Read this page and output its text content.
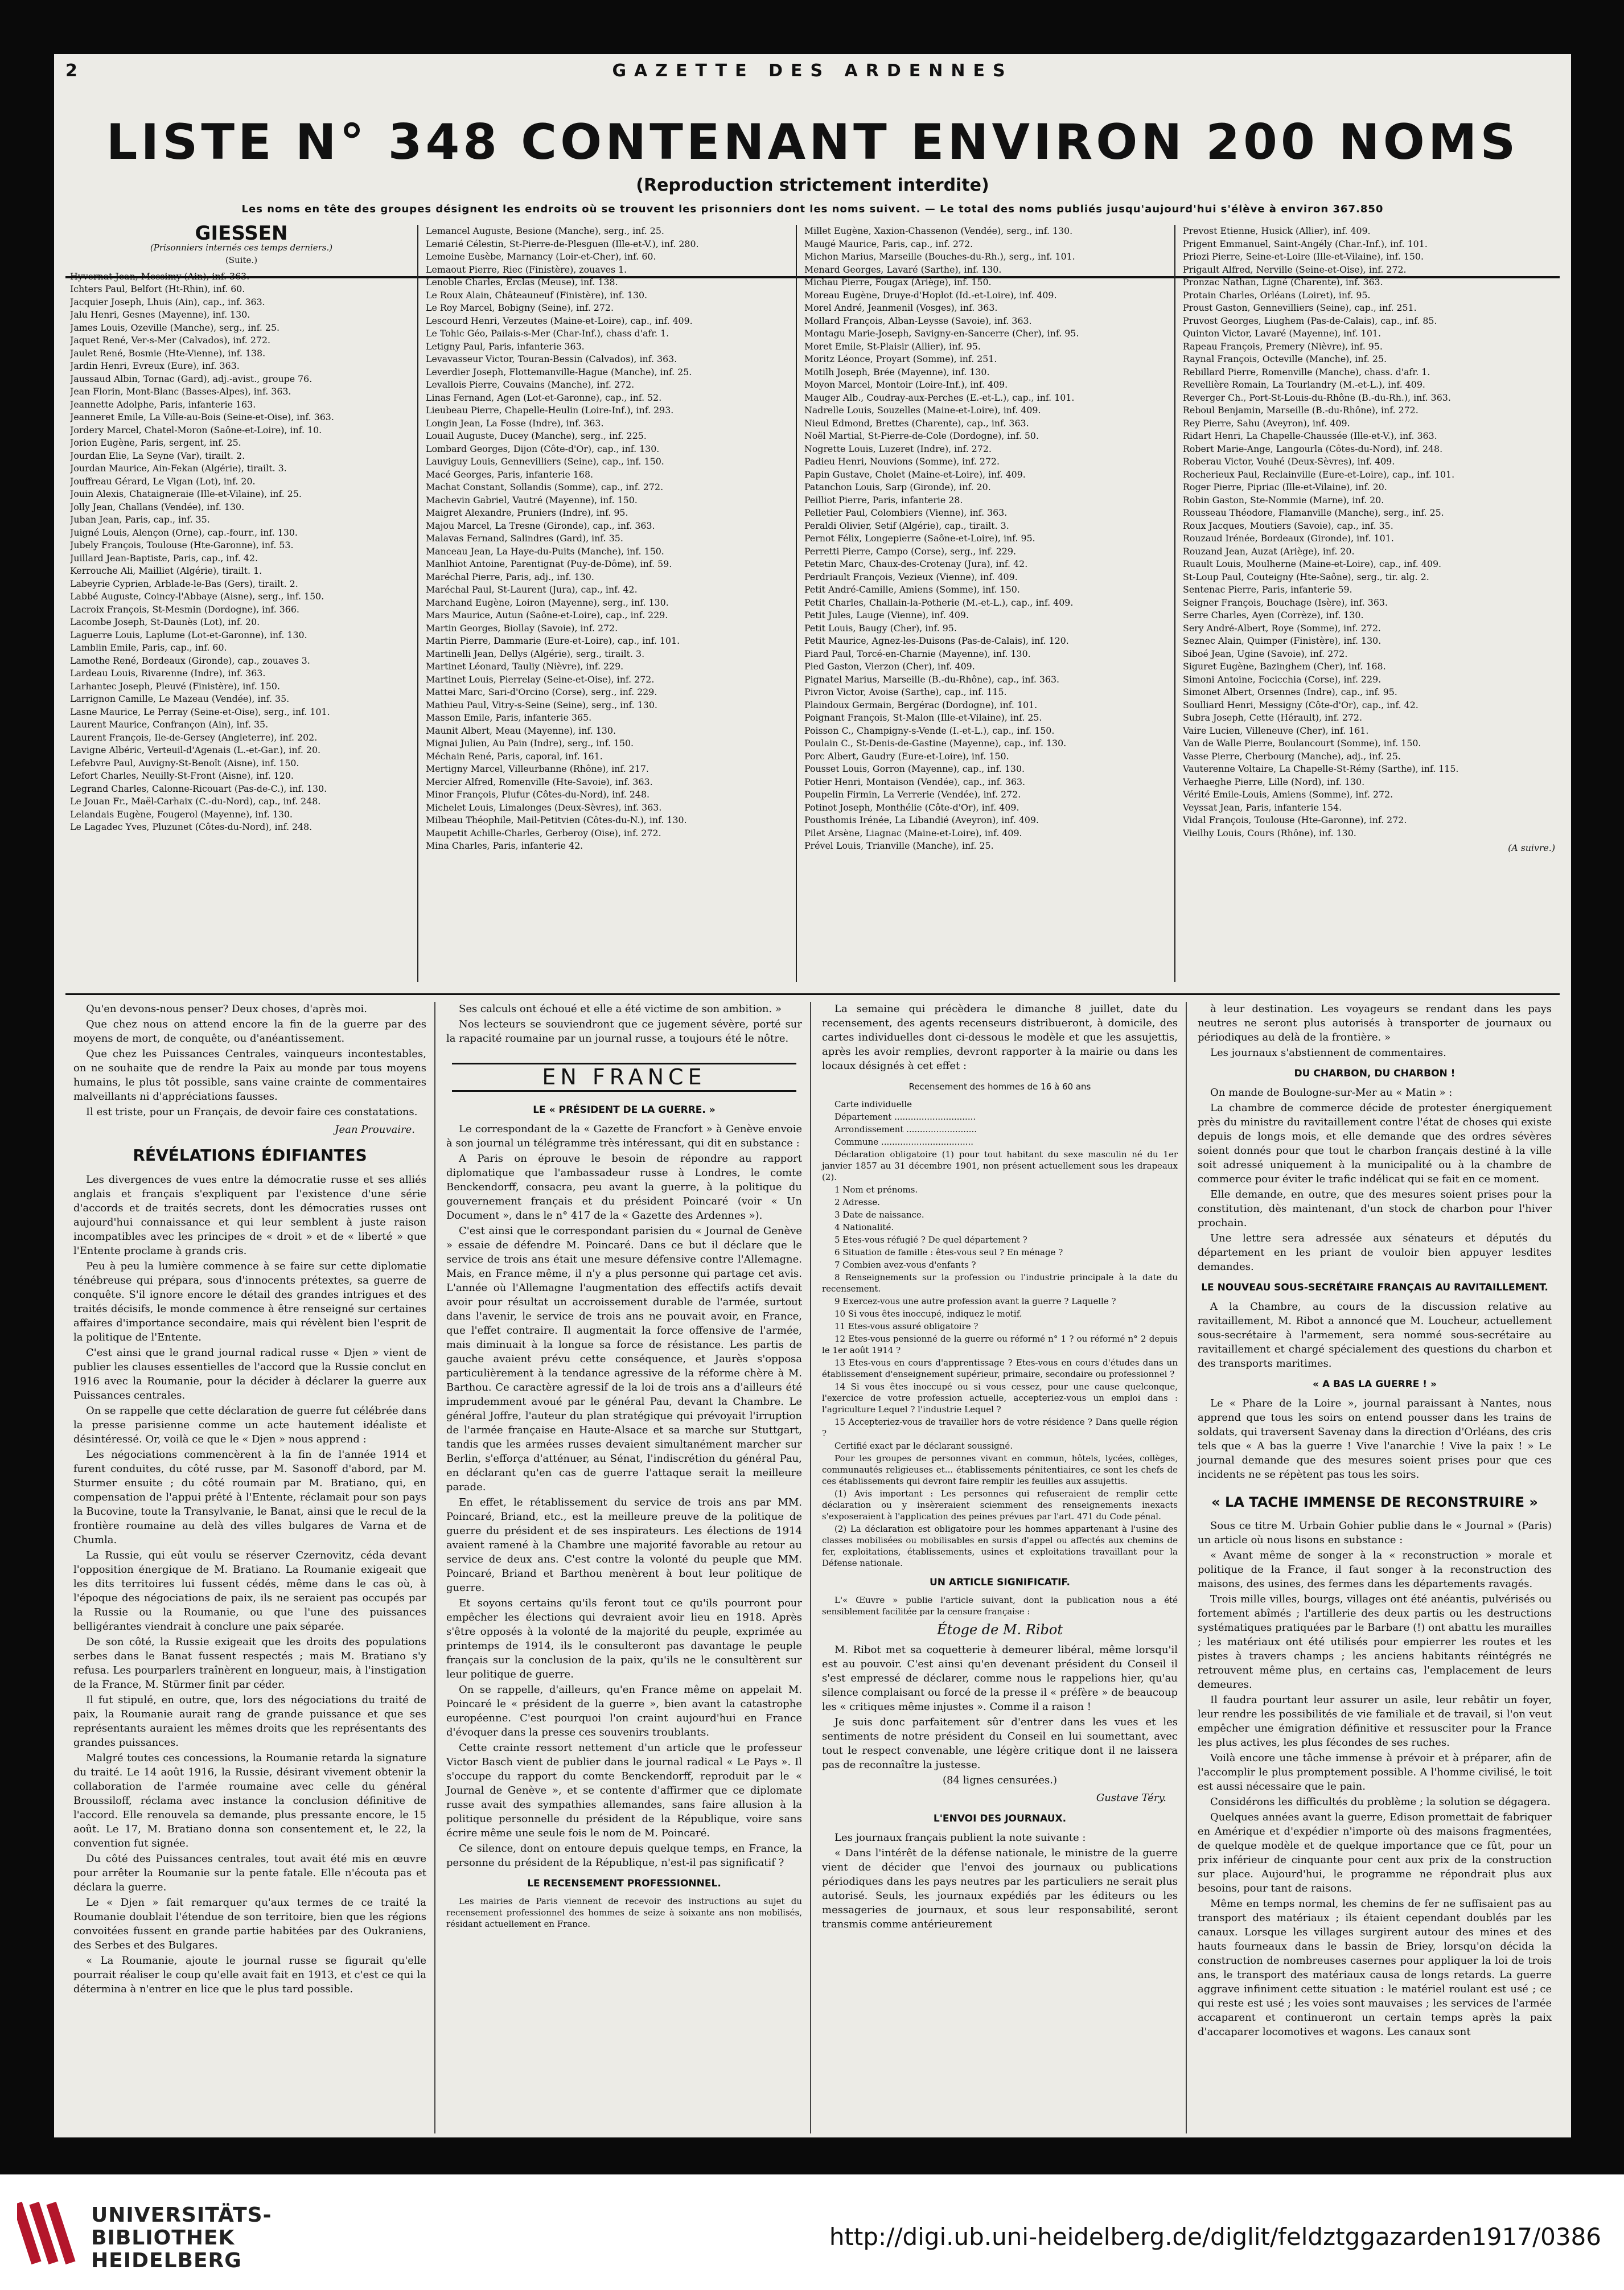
2	GAZETTE DES ARDENNES
LISTE N° 348 CONTENANT ENVIRON 200 NOMS
(Reproduction strictement interdite)
Les noms en tête des groupes désignent les endroits où se trouvent les prisonniers dont les noms suivent. — Le total des noms publiés jusqu'aujourd'hui s'élève à environ 367.850
GIESSEN
(Prisonniers internés ces temps derniers.)
(Suite.)
Hyvernat Jean, Messimy (Ain), inf. 363.
Ichters Paul, Belfort (Ht-Rhin), inf. 60.
Jacquier Joseph, Lhuis (Ain), cap., inf. 363.
Jalu Henri, Gesnes (Mayenne), inf. 130.
James Louis, Ozeville (Manche), serg., inf. 25.
Jaquet René, Ver-s-Mer (Calvados), inf. 272.
Jaulet René, Bosmie (Hte-Vienne), inf. 138.
Jardin Henri, Evreux (Eure), inf. 363.
Jaussaud Albin, Tornac (Gard), adj.-avist., groupe 76.
Jean Florin, Mont-Blanc (Basses-Alpes), inf. 363.
Jeannette Adolphe, Paris, infanterie 163.
Jeanneret Emile, La Ville-au-Bois (Seine-et-Oise), inf. 363.
Jordery Marcel, Chatel-Moron (Saône-et-Loire), inf. 10.
Jorion Eugène, Paris, sergent, inf. 25.
Jourdan Elie, La Seyne (Var), tirailt. 2.
Jourdan Maurice, Ain-Fekan (Algérie), tirailt. 3.
Jouffreau Gérard, Le Vigan (Lot), inf. 20.
Jouin Alexis, Chataigneraie (Ille-et-Vilaine), inf. 25.
Jolly Jean, Challans (Vendée), inf. 130.
Juban Jean, Paris, cap., inf. 35.
Juigné Louis, Alençon (Orne), cap.-fourr., inf. 130.
Jubely François, Toulouse (Hte-Garonne), inf. 53.
Juillard Jean-Baptiste, Paris, cap., inf. 42.
Kerrouche Ali, Mailliet (Algérie), tirailt. 1.
Labeyrie Cyprien, Arblade-le-Bas (Gers), tirailt. 2.
Labbé Auguste, Coincy-l'Abbaye (Aisne), serg., inf. 150.
Lacroix François, St-Mesmin (Dordogne), inf. 366.
Lacombe Joseph, St-Daunès (Lot), inf. 20.
Laguerre Louis, Laplume (Lot-et-Garonne), inf. 130.
Lamblin Emile, Paris, cap., inf. 60.
Lamothe René, Bordeaux (Gironde), cap., zouaves 3.
Lardeau Louis, Rivarenne (Indre), inf. 363.
Larhantec Joseph, Pleuvé (Finistère), inf. 150.
Larrignon Camille, Le Mazeau (Vendée), inf. 35.
Lasne Maurice, Le Perray (Seine-et-Oise), serg., inf. 101.
Laurent Maurice, Confrançon (Ain), inf. 35.
Laurent François, Ile-de-Gersey (Angleterre), inf. 202.
Lavigne Albéric, Verteuil-d'Agenais (L.-et-Gar.), inf. 20.
Lefebvre Paul, Auvigny-St-Benoît (Aisne), inf. 150.
Lefort Charles, Neuilly-St-Front (Aisne), inf. 120.
Legrand Charles, Calonne-Ricouart (Pas-de-C.), inf. 130.
Le Jouan Fr., Maël-Carhaix (C.-du-Nord), cap., inf. 248.
Lelandais Eugène, Fougerol (Mayenne), inf. 130.
Le Lagadec Yves, Pluzunet (Côtes-du-Nord), inf. 248.
Lemancel Auguste, Besione (Manche), serg., inf. 25.
Lemarié Célestin, St-Pierre-de-Plesguen (Ille-et-V.), inf. 280.
Lemoine Eusèbe, Marnancy (Loir-et-Cher), inf. 60.
Lemaout Pierre, Riec (Finistère), zouaves 1.
Lenoble Charles, Erclas (Meuse), inf. 138.
Le Roux Alain, Châteauneuf (Finistère), inf. 130.
Le Roy Marcel, Bobigny (Seine), inf. 272.
Lescourd Henri, Verzeutes (Maine-et-Loire), cap., inf. 409.
Le Tohic Géo, Pailais-s-Mer (Char-Inf.), chass d'afr. 1.
Letigny Paul, Paris, infanterie 363.
Levavasseur Victor, Touran-Bessin (Calvados), inf. 363.
Leverdier Joseph, Flottemanville-Hague (Manche), inf. 25.
Levallois Pierre, Couvains (Manche), inf. 272.
Linas Fernand, Agen (Lot-et-Garonne), cap., inf. 52.
Lieubeau Pierre, Chapelle-Heulin (Loire-Inf.), inf. 293.
Longin Jean, La Fosse (Indre), inf. 363.
Louail Auguste, Ducey (Manche), serg., inf. 225.
Lombard Georges, Dijon (Côte-d'Or), cap., inf. 130.
Lauviguy Louis, Gennevilliers (Seine), cap., inf. 150.
Macé Georges, Paris, infanterie 168.
Machat Constant, Sollandis (Somme), cap., inf. 272.
Machevin Gabriel, Vautré (Mayenne), inf. 150.
Maigret Alexandre, Pruniers (Indre), inf. 95.
Majou Marcel, La Tresne (Gironde), cap., inf. 363.
Malavas Fernand, Salindres (Gard), inf. 35.
Manceau Jean, La Haye-du-Puits (Manche), inf. 150.
Manlhiot Antoine, Parentignat (Puy-de-Dôme), inf. 59.
Maréchal Pierre, Paris, adj., inf. 130.
Maréchal Paul, St-Laurent (Jura), cap., inf. 42.
Marchand Eugène, Loiron (Mayenne), serg., inf. 130.
Mars Maurice, Autun (Saône-et-Loire), cap., inf. 229.
Martin Georges, Biollay (Savoie), inf. 272.
Martin Pierre, Dammarie (Eure-et-Loire), cap., inf. 101.
Martinelli Jean, Dellys (Algérie), serg., tirailt. 3.
Martinet Léonard, Tauliy (Nièvre), inf. 229.
Martinet Louis, Pierrelay (Seine-et-Oise), inf. 272.
Mattei Marc, Sari-d'Orcino (Corse), serg., inf. 229.
Mathieu Paul, Vitry-s-Seine (Seine), serg., inf. 130.
Masson Emile, Paris, infanterie 365.
Maunit Albert, Meau (Mayenne), inf. 130.
Mignai Julien, Au Pain (Indre), serg., inf. 150.
Méchain René, Paris, caporal, inf. 161.
Mertigny Marcel, Villeurbanne (Rhône), inf. 217.
Mercier Alfred, Romenville (Hte-Savoie), inf. 363.
Minor François, Plufur (Côtes-du-Nord), inf. 248.
Michelet Louis, Limalonges (Deux-Sèvres), inf. 363.
Milbeau Théophile, Mail-Petitvien (Côtes-du-N.), inf. 130.
Maupetit Achille-Charles, Gerberoy (Oise), inf. 272.
Mina Charles, Paris, infanterie 42.
Millet Eugène, Xaxion-Chassenon (Vendée), serg., inf. 130.
Maugé Maurice, Paris, cap., inf. 272.
Michon Marius, Marseille (Bouches-du-Rh.), serg., inf. 101.
Menard Georges, Lavaré (Sarthe), inf. 130.
Michau Pierre, Fougax (Ariège), inf. 150.
Moreau Eugène, Druye-d'Hoplot (Id.-et-Loire), inf. 409.
Morel André, Jeanmenil (Vosges), inf. 363.
Mollard François, Alban-Leysse (Savoie), inf. 363.
Montagu Marie-Joseph, Savigny-en-Sancerre (Cher), inf. 95.
Moret Emile, St-Plaisir (Allier), inf. 95.
Moritz Léonce, Proyart (Somme), inf. 251.
Motilh Joseph, Brée (Mayenne), inf. 130.
Moyon Marcel, Montoir (Loire-Inf.), inf. 409.
Mauger Alb., Coudray-aux-Perches (E.-et-L.), cap., inf. 101.
Nadrelle Louis, Souzelles (Maine-et-Loire), inf. 409.
Nieul Edmond, Brettes (Charente), cap., inf. 363.
Noël Martial, St-Pierre-de-Cole (Dordogne), inf. 50.
Nogrette Louis, Luzeret (Indre), inf. 272.
Padieu Henri, Nouvions (Somme), inf. 272.
Papin Gustave, Cholet (Maine-et-Loire), inf. 409.
Patanchon Louis, Sarp (Gironde), inf. 20.
Peilliot Pierre, Paris, infanterie 28.
Pelletier Paul, Colombiers (Vienne), inf. 363.
Peraldi Olivier, Setif (Algérie), cap., tirailt. 3.
Pernot Félix, Longepierre (Saône-et-Loire), inf. 95.
Perretti Pierre, Campo (Corse), serg., inf. 229.
Petetin Marc, Chaux-des-Crotenay (Jura), inf. 42.
Perdriault François, Vezieux (Vienne), inf. 409.
Petit André-Camille, Amiens (Somme), inf. 150.
Petit Charles, Challain-la-Potherie (M.-et-L.), cap., inf. 409.
Petit Jules, Lauge (Vienne), inf. 409.
Petit Louis, Baugy (Cher), inf. 95.
Petit Maurice, Agnez-les-Duisons (Pas-de-Calais), inf. 120.
Piard Paul, Torcé-en-Charnie (Mayenne), inf. 130.
Pied Gaston, Vierzon (Cher), inf. 409.
Pignatel Marius, Marseille (B.-du-Rhône), cap., inf. 363.
Pivron Victor, Avoise (Sarthe), cap., inf. 115.
Plaindoux Germain, Bergérac (Dordogne), inf. 101.
Poignant François, St-Malon (Ille-et-Vilaine), inf. 25.
Poisson C., Champigny-s-Vende (I.-et-L.), cap., inf. 150.
Poulain C., St-Denis-de-Gastine (Mayenne), cap., inf. 130.
Porc Albert, Gaudry (Eure-et-Loire), inf. 150.
Pousset Louis, Gorron (Mayenne), cap., inf. 130.
Potier Henri, Montaison (Vendée), cap., inf. 363.
Poupelin Firmin, La Verrerie (Vendée), inf. 272.
Potinot Joseph, Monthélie (Côte-d'Or), inf. 409.
Pousthomis Irénée, La Libandié (Aveyron), inf. 409.
Pilet Arsène, Liagnac (Maine-et-Loire), inf. 409.
Prével Louis, Trianville (Manche), inf. 25.
Prevost Etienne, Husick (Allier), inf. 409.
Prigent Emmanuel, Saint-Angély (Char.-Inf.), inf. 101.
Priozi Pierre, Seine-et-Loire (Ille-et-Vilaine), inf. 150.
Prigault Alfred, Nerville (Seine-et-Oise), inf. 272.
Pronzac Nathan, Ligné (Charente), inf. 363.
Protain Charles, Orléans (Loiret), inf. 95.
Proust Gaston, Gennevilliers (Seine), cap., inf. 251.
Pruvost Georges, Liughem (Pas-de-Calais), cap., inf. 85.
Quinton Victor, Lavaré (Mayenne), inf. 101.
Rapeau François, Premery (Nièvre), inf. 95.
Raynal François, Octeville (Manche), inf. 25.
Rebillard Pierre, Romenville (Manche), chass. d'afr. 1.
Revellière Romain, La Tourlandry (M.-et-L.), inf. 409.
Reverger Ch., Port-St-Louis-du-Rhône (B.-du-Rh.), inf. 363.
Reboul Benjamin, Marseille (B.-du-Rhône), inf. 272.
Rey Pierre, Sahu (Aveyron), inf. 409.
Ridart Henri, La Chapelle-Chaussée (Ille-et-V.), inf. 363.
Robert Marie-Ange, Langourla (Côtes-du-Nord), inf. 248.
Roberau Victor, Vouhé (Deux-Sèvres), inf. 409.
Rocherieux Paul, Reclainville (Eure-et-Loire), cap., inf. 101.
Roger Pierre, Pipriac (Ille-et-Vilaine), inf. 20.
Robin Gaston, Ste-Nommie (Marne), inf. 20.
Rousseau Théodore, Flamanville (Manche), serg., inf. 25.
Roux Jacques, Moutiers (Savoie), cap., inf. 35.
Rouzaud Irénée, Bordeaux (Gironde), inf. 101.
Rouzand Jean, Auzat (Ariège), inf. 20.
Ruault Louis, Moulherne (Maine-et-Loire), cap., inf. 409.
St-Loup Paul, Couteigny (Hte-Saône), serg., tir. alg. 2.
Sentenac Pierre, Paris, infanterie 59.
Seigner François, Bouchage (Isère), inf. 363.
Serre Charles, Ayen (Corrèze), inf. 130.
Sery André-Albert, Roye (Somme), inf. 272.
Seznec Alain, Quimper (Finistère), inf. 130.
Siboé Jean, Ugine (Savoie), inf. 272.
Siguret Eugène, Bazinghem (Cher), inf. 168.
Simoni Antoine, Focicchia (Corse), inf. 229.
Simonet Albert, Orsennes (Indre), cap., inf. 95.
Soulliard Henri, Messigny (Côte-d'Or), cap., inf. 42.
Subra Joseph, Cette (Hérault), inf. 272.
Vaire Lucien, Villeneuve (Cher), inf. 161.
Van de Walle Pierre, Boulancourt (Somme), inf. 150.
Vasse Pierre, Cherbourg (Manche), adj., inf. 25.
Vauterenne Voltaire, La Chapelle-St-Rémy (Sarthe), inf. 115.
Verhaeghe Pierre, Lille (Nord), inf. 130.
Vérité Emile-Louis, Amiens (Somme), inf. 272.
Veyssat Jean, Paris, infanterie 154.
Vidal François, Toulouse (Hte-Garonne), inf. 272.
Vieilhy Louis, Cours (Rhône), inf. 130.
(A suivre.)

Qu'en devons-nous penser? Deux choses, d'après moi.

Que chez nous on attend encore la fin de la guerre par des moyens de mort, de conquête, ou d'anéantissement.

Que chez les Puissances Centrales, vainqueurs incontestables, on ne souhaite que de rendre la Paix au monde par tous moyens humains, le plus tôt possible, sans vaine crainte de commentaires malveillants ni d'appréciations fausses.

Il est triste, pour un Français, de devoir faire ces constatations.

Jean Prouvaire.
RÉVÉLATIONS ÉDIFIANTES

Les divergences de vues entre la démocratie russe et ses alliés anglais et français s'expliquent par l'existence d'une série d'accords et de traités secrets, dont les démocraties russes ont aujourd'hui connaissance et qui leur semblent à juste raison incompatibles avec les principes de « droit » et de « liberté » que l'Entente proclame à grands cris.

Peu à peu la lumière commence à se faire sur cette diplomatie ténébreuse qui prépara, sous d'innocents prétextes, sa guerre de conquête. S'il ignore encore le détail des grandes intrigues et des traités décisifs, le monde commence à être renseigné sur certaines affaires d'importance secondaire, mais qui révèlent bien l'esprit de la politique de l'Entente.

C'est ainsi que le grand journal radical russe « Djen » vient de publier les clauses essentielles de l'accord que la Russie conclut en 1916 avec la Roumanie, pour la décider à déclarer la guerre aux Puissances centrales.

On se rappelle que cette déclaration de guerre fut célébrée dans la presse parisienne comme un acte hautement idéaliste et désintéressé. Or, voilà ce que le « Djen » nous apprend :

Les négociations commencèrent à la fin de l'année 1914 et furent conduites, du côté russe, par M. Sasonoff d'abord, par M. Sturmer ensuite ; du côté roumain par M. Bratiano, qui, en compensation de l'appui prêté à l'Entente, réclamait pour son pays la Bucovine, toute la Transylvanie, le Banat, ainsi que le recul de la frontière roumaine au delà des villes bulgares de Varna et de Chumla.

La Russie, qui eût voulu se réserver Czernovitz, céda devant l'opposition énergique de M. Bratiano. La Roumanie exigeait que les dits territoires lui fussent cédés, même dans le cas où, à l'époque des négociations de paix, ils ne seraient pas occupés par la Russie ou la Roumanie, ou que l'une des puissances belligérantes viendrait à conclure une paix séparée.

De son côté, la Russie exigeait que les droits des populations serbes dans le Banat fussent respectés ; mais M. Bratiano s'y refusa. Les pourparlers traînèrent en longueur, mais, à l'instigation de la France, M. Stürmer finit par céder.

Il fut stipulé, en outre, que, lors des négociations du traité de paix, la Roumanie aurait rang de grande puissance et que ses représentants auraient les mêmes droits que les représentants des grandes puissances.

Malgré toutes ces concessions, la Roumanie retarda la signature du traité. Le 14 août 1916, la Russie, désirant vivement obtenir la collaboration de l'armée roumaine avec celle du général Broussiloff, réclama avec instance la conclusion définitive de l'accord. Elle renouvela sa demande, plus pressante encore, le 15 août. Le 17, M. Bratiano donna son consentement et, le 22, la convention fut signée.

Du côté des Puissances centrales, tout avait été mis en œuvre pour arrêter la Roumanie sur la pente fatale. Elle n'écouta pas et déclara la guerre.

Le « Djen » fait remarquer qu'aux termes de ce traité la Roumanie doublait l'étendue de son territoire, bien que les régions convoitées fussent en grande partie habitées par des Oukraniens, des Serbes et des Bulgares.

« La Roumanie, ajoute le journal russe se figurait qu'elle pourrait réaliser le coup qu'elle avait fait en 1913, et c'est ce qui la détermina à n'entrer en lice que le plus tard possible.

Ses calculs ont échoué et elle a été victime de son ambition. »

Nos lecteurs se souviendront que ce jugement sévère, porté sur la rapacité roumaine par un journal russe, a toujours été le nôtre.

EN FRANCE
LE « PRÉSIDENT DE LA GUERRE. »

Le correspondant de la « Gazette de Francfort » à Genève envoie à son journal un télégramme très intéressant, qui dit en substance :

A Paris on éprouve le besoin de répondre au rapport diplomatique que l'ambassadeur russe à Londres, le comte Benckendorff, consacra, peu avant la guerre, à la politique du gouvernement français et du président Poincaré (voir « Un Document », dans le n° 417 de la « Gazette des Ardennes »).

C'est ainsi que le correspondant parisien du « Journal de Genève » essaie de défendre M. Poincaré. Dans ce but il déclare que le service de trois ans était une mesure défensive contre l'Allemagne. Mais, en France même, il n'y a plus personne qui partage cet avis. L'année où l'Allemagne l'augmentation des effectifs actifs devait avoir pour résultat un accroissement durable de l'armée, surtout dans l'avenir, le service de trois ans ne pouvait avoir, en France, que l'effet contraire. Il augmentait la force offensive de l'armée, mais diminuait à la longue sa force de résistance. Les partis de gauche avaient prévu cette conséquence, et Jaurès s'opposa particulièrement à la tendance agressive de la réforme chère à M. Barthou. Ce caractère agressif de la loi de trois ans a d'ailleurs été imprudemment avoué par le général Pau, devant la Chambre. Le général Joffre, l'auteur du plan stratégique qui prévoyait l'irruption de l'armée française en Haute-Alsace et sa marche sur Stuttgart, tandis que les armées russes devaient simultanément marcher sur Berlin, s'efforça d'atténuer, au Sénat, l'indiscrétion du général Pau, en déclarant qu'en cas de guerre l'attaque serait la meilleure parade.

En effet, le rétablissement du service de trois ans par MM. Poincaré, Briand, etc., est la meilleure preuve de la politique de guerre du président et de ses inspirateurs. Les élections de 1914 avaient ramené à la Chambre une majorité favorable au retour au service de deux ans. C'est contre la volonté du peuple que MM. Poincaré, Briand et Barthou menèrent à bout leur politique de guerre.

Et soyons certains qu'ils feront tout ce qu'ils pourront pour empêcher les élections qui devraient avoir lieu en 1918. Après s'être opposés à la volonté de la majorité du peuple, exprimée au printemps de 1914, ils le consulteront pas davantage le peuple français sur la conclusion de la paix, qu'ils ne le consultèrent sur leur politique de guerre.

On se rappelle, d'ailleurs, qu'en France même on appelait M. Poincaré le « président de la guerre », bien avant la catastrophe européenne. C'est pourquoi l'on craint aujourd'hui en France d'évoquer dans la presse ces souvenirs troublants.

Cette crainte ressort nettement d'un article que le professeur Victor Basch vient de publier dans le journal radical « Le Pays ». Il s'occupe du rapport du comte Benckendorff, reproduit par le « Journal de Genève », et se contente d'affirmer que ce diplomate russe avait des sympathies allemandes, sans faire allusion à la politique personnelle du président de la République, voire sans écrire même une seule fois le nom de M. Poincaré.

Ce silence, dont on entoure depuis quelque temps, en France, la personne du président de la République, n'est-il pas significatif ?

LE RECENSEMENT PROFESSIONNEL.

Les mairies de Paris viennent de recevoir des instructions au sujet du recensement professionnel des hommes de seize à soixante ans non mobilisés, résidant actuellement en France.

La semaine qui précèdera le dimanche 8 juillet, date du recensement, des agents recenseurs distribueront, à domicile, des cartes individuelles dont ci-dessous le modèle et que les assujettis, après les avoir remplies, devront rapporter à la mairie ou dans les locaux désignés à cet effet :

Recensement des hommes de 16 à 60 ans

Carte individuelle

Département ..............................

Arrondissement ..........................

Commune ..................................

Déclaration obligatoire (1) pour tout habitant du sexe masculin né du 1er janvier 1857 au 31 décembre 1901, non présent actuellement sous les drapeaux (2).

1 Nom et prénoms.

2 Adresse.

3 Date de naissance.

4 Nationalité.

5 Etes-vous réfugié ? De quel département ?

6 Situation de famille : êtes-vous seul ? En ménage ?

7 Combien avez-vous d'enfants ?

8 Renseignements sur la profession ou l'industrie principale à la date du recensement.

9 Exercez-vous une autre profession avant la guerre ? Laquelle ?

10 Si vous êtes inoccupé, indiquez le motif.

11 Etes-vous assuré obligatoire ?

12 Etes-vous pensionné de la guerre ou réformé n° 1 ? ou réformé n° 2 depuis le 1er août 1914 ?

13 Etes-vous en cours d'apprentissage ? Etes-vous en cours d'études dans un établissement d'enseignement supérieur, primaire, secondaire ou professionnel ?

14 Si vous êtes inoccupé ou si vous cessez, pour une cause quelconque, l'exercice de votre profession actuelle, accepteriez-vous un emploi dans : l'agriculture Lequel ? l'industrie Lequel ?

15 Accepteriez-vous de travailler hors de votre résidence ? Dans quelle région ?

Certifié exact par le déclarant soussigné.

Pour les groupes de personnes vivant en commun, hôtels, lycées, collèges, communautés religieuses et... établissements pénitentiaires, ce sont les chefs de ces établissements qui devront faire remplir les feuilles aux assujettis.

(1) Avis important : Les personnes qui refuseraient de remplir cette déclaration ou y insèreraient sciemment des renseignements inexacts s'exposeraient à l'application des peines prévues par l'art. 471 du Code pénal.

(2) La déclaration est obligatoire pour les hommes appartenant à l'usine des classes mobilisées ou mobilisables en sursis d'appel ou affectés aux chemins de fer, exploitations, établissements, usines et exploitations travaillant pour la Défense nationale.

UN ARTICLE SIGNIFICATIF.

L'« Œuvre » publie l'article suivant, dont la publication nous a été sensiblement facilitée par la censure française :

Étoge de M. Ribot

M. Ribot met sa coquetterie à demeurer libéral, même lorsqu'il est au pouvoir. C'est ainsi qu'en devenant président du Conseil il s'est empressé de déclarer, comme nous le rappelions hier, qu'au silence complaisant ou forcé de la presse il « préfère » de beaucoup les « critiques même injustes ». Comme il a raison !

Je suis donc parfaitement sûr d'entrer dans les vues et les sentiments de notre président du Conseil en lui soumettant, avec tout le respect convenable, une légère critique dont il ne laissera pas de reconnaître la justesse.

(84 lignes censurées.)
Gustave Téry.
L'ENVOI DES JOURNAUX.

Les journaux français publient la note suivante :

« Dans l'intérêt de la défense nationale, le ministre de la guerre vient de décider que l'envoi des journaux ou publications périodiques dans les pays neutres par les particuliers ne serait plus autorisé. Seuls, les journaux expédiés par les éditeurs ou les messageries de journaux, et sous leur responsabilité, seront transmis comme antérieurement

à leur destination. Les voyageurs se rendant dans les pays neutres ne seront plus autorisés à transporter de journaux ou périodiques au delà de la frontière. »

Les journaux s'abstiennent de commentaires.

DU CHARBON, DU CHARBON !

On mande de Boulogne-sur-Mer au « Matin » :

La chambre de commerce décide de protester énergiquement près du ministre du ravitaillement contre l'état de choses qui existe depuis de longs mois, et elle demande que des ordres sévères soient donnés pour que tout le charbon français destiné à la ville soit adressé uniquement à la municipalité ou à la chambre de commerce pour éviter le trafic indélicat qui se fait en ce moment.

Elle demande, en outre, que des mesures soient prises pour la constitution, dès maintenant, d'un stock de charbon pour l'hiver prochain.

Une lettre sera adressée aux sénateurs et députés du département en les priant de vouloir bien appuyer lesdites demandes.

LE NOUVEAU SOUS-SECRÉTAIRE FRANÇAIS AU RAVITAILLEMENT.

A la Chambre, au cours de la discussion relative au ravitaillement, M. Ribot a annoncé que M. Loucheur, actuellement sous-secrétaire à l'armement, sera nommé sous-secrétaire au ravitaillement et chargé spécialement des questions du charbon et des transports maritimes.

« A BAS LA GUERRE ! »

Le « Phare de la Loire », journal paraissant à Nantes, nous apprend que tous les soirs on entend pousser dans les trains de soldats, qui traversent Savenay dans la direction d'Orléans, des cris tels que « A bas la guerre ! Vive l'anarchie ! Vive la paix ! » Le journal demande que des mesures soient prises pour que ces incidents ne se répètent pas tous les soirs.

« LA TACHE IMMENSE DE RECONSTRUIRE »

Sous ce titre M. Urbain Gohier publie dans le « Journal » (Paris) un article où nous lisons en substance :

« Avant même de songer à la « reconstruction » morale et politique de la France, il faut songer à la reconstruction des maisons, des usines, des fermes dans les départements ravagés.

Trois mille villes, bourgs, villages ont été anéantis, pulvérisés ou fortement abîmés ; l'artillerie des deux partis ou les destructions systématiques pratiquées par le Barbare (!) ont abattu les murailles ; les matériaux ont été utilisés pour empierrer les routes et les pistes à travers champs ; les anciens habitants réintégrés ne retrouvent même plus, en certains cas, l'emplacement de leurs demeures.

Il faudra pourtant leur assurer un asile, leur rebâtir un foyer, leur rendre les possibilités de vie familiale et de travail, si l'on veut empêcher une émigration définitive et ressusciter pour la France les plus actives, les plus fécondes de ses ruches.

Voilà encore une tâche immense à prévoir et à préparer, afin de l'accomplir le plus promptement possible. A l'homme civilisé, le toit est aussi nécessaire que le pain.

Considérons les difficultés du problème ; la solution se dégagera.

Quelques années avant la guerre, Edison promettait de fabriquer en Amérique et d'expédier n'importe où des maisons fragmentées, de quelque modèle et de quelque importance que ce fût, pour un prix inférieur de cinquante pour cent aux prix de la construction sur place. Aujourd'hui, le programme ne répondrait plus aux besoins, pour tant de raisons.

Même en temps normal, les chemins de fer ne suffisaient pas au transport des matériaux ; ils étaient cependant doublés par les canaux. Lorsque les villages surgirent autour des mines et des hauts fourneaux dans le bassin de Briey, lorsqu'on décida la construction de nombreuses casernes pour appliquer la loi de trois ans, le transport des matériaux causa de longs retards. La guerre aggrave infiniment cette situation : le matériel roulant est usé ; ce qui reste est usé ; les voies sont mauvaises ; les services de l'armée accaparent et continueront un certain temps après la paix d'accaparer locomotives et wagons. Les canaux sont

UNIVERSITÄTS-
BIBLIOTHEK
HEIDELBERG
http://digi.ub.uni-heidelberg.de/diglit/feldztggazarden1917/0386
